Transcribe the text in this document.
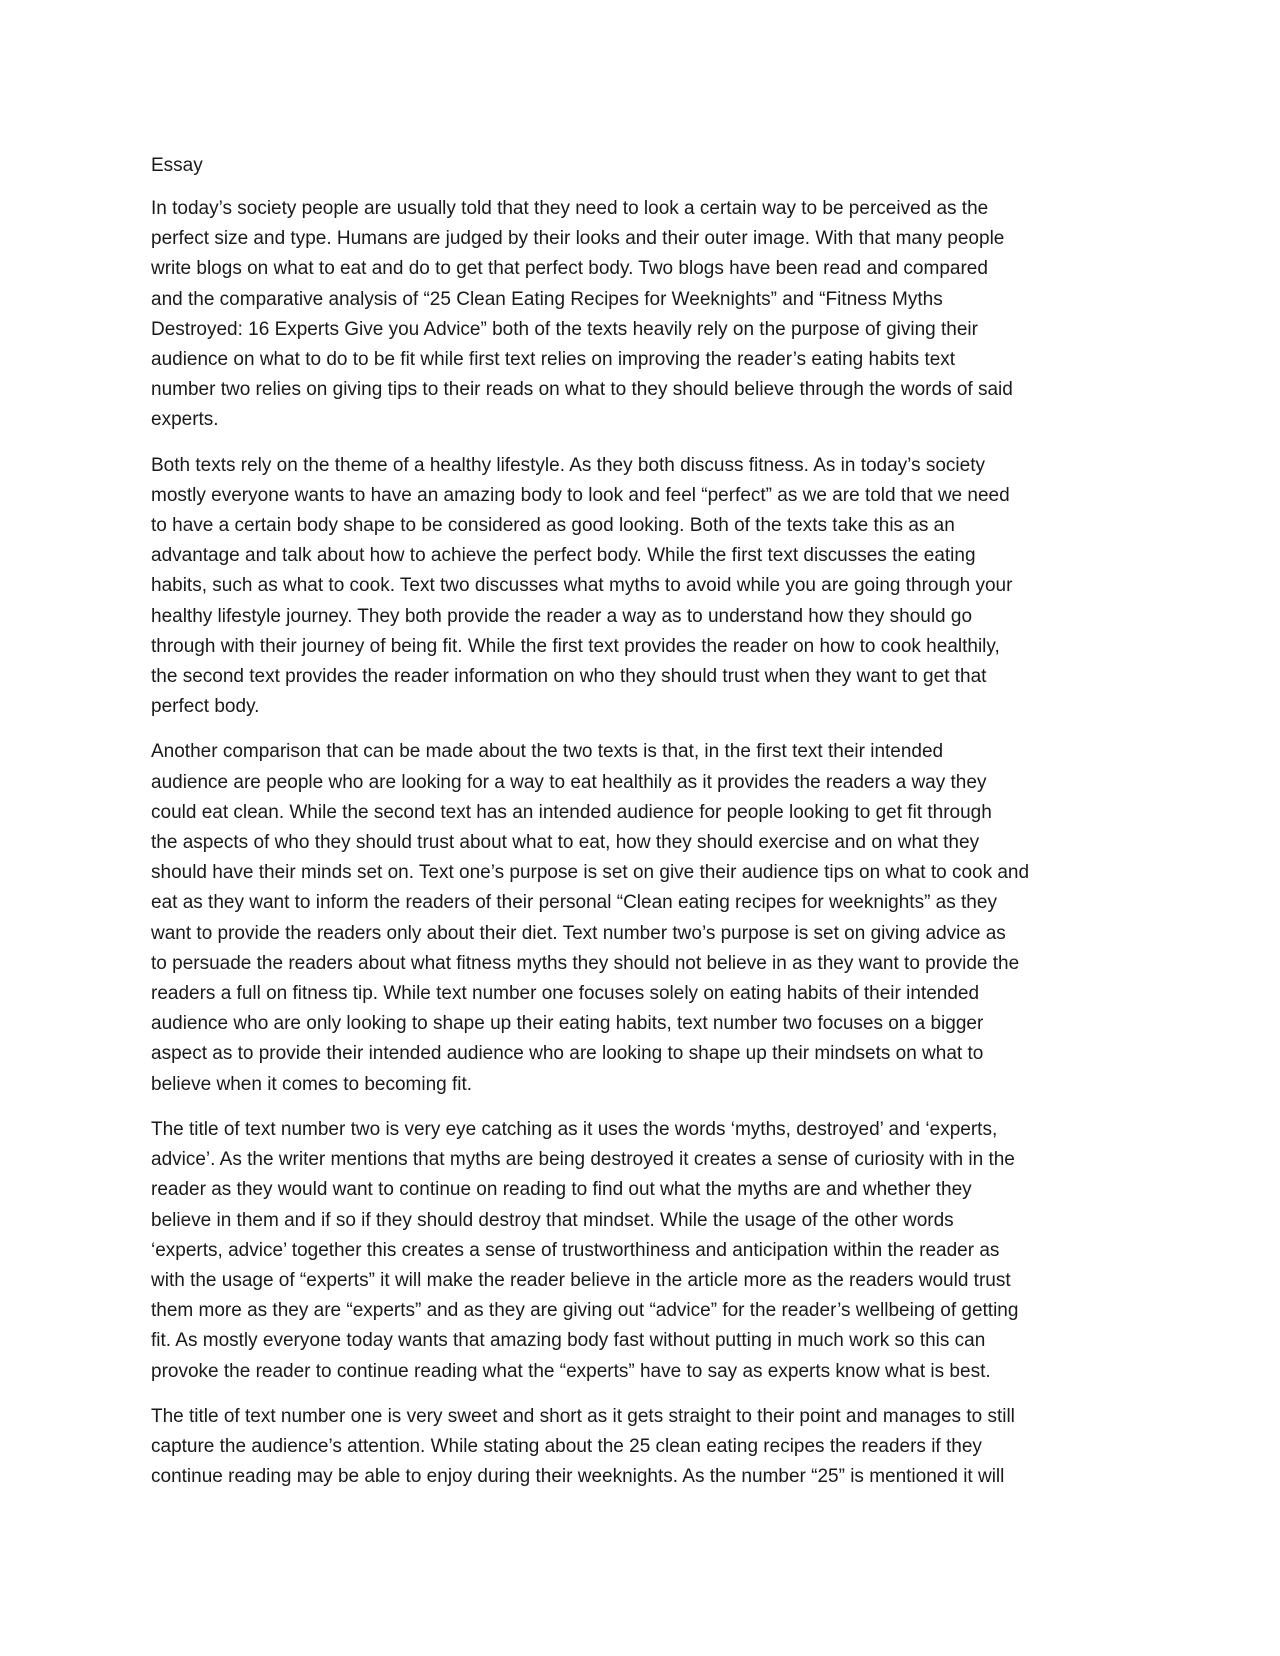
Essay
In today’s society people are usually told that they need to look a certain way to be perceived as the
perfect size and type. Humans are judged by their looks and their outer image. With that many people
write blogs on what to eat and do to get that perfect body. Two blogs have been read and compared
and the comparative analysis of “25 Clean Eating Recipes for Weeknights” and “Fitness Myths
Destroyed: 16 Experts Give you Advice” both of the texts heavily rely on the purpose of giving their
audience on what to do to be fit while first text relies on improving the reader’s eating habits text
number two relies on giving tips to their reads on what to they should believe through the words of said
experts.
Both texts rely on the theme of a healthy lifestyle. As they both discuss fitness. As in today’s society
mostly everyone wants to have an amazing body to look and feel “perfect” as we are told that we need
to have a certain body shape to be considered as good looking. Both of the texts take this as an
advantage and talk about how to achieve the perfect body. While the first text discusses the eating
habits, such as what to cook. Text two discusses what myths to avoid while you are going through your
healthy lifestyle journey. They both provide the reader a way as to understand how they should go
through with their journey of being fit. While the first text provides the reader on how to cook healthily,
the second text provides the reader information on who they should trust when they want to get that
perfect body.
Another comparison that can be made about the two texts is that, in the first text their intended
audience are people who are looking for a way to eat healthily as it provides the readers a way they
could eat clean. While the second text has an intended audience for people looking to get fit through
the aspects of who they should trust about what to eat, how they should exercise and on what they
should have their minds set on. Text one’s purpose is set on give their audience tips on what to cook and
eat as they want to inform the readers of their personal “Clean eating recipes for weeknights” as they
want to provide the readers only about their diet. Text number two’s purpose is set on giving advice as
to persuade the readers about what fitness myths they should not believe in as they want to provide the
readers a full on fitness tip. While text number one focuses solely on eating habits of their intended
audience who are only looking to shape up their eating habits, text number two focuses on a bigger
aspect as to provide their intended audience who are looking to shape up their mindsets on what to
believe when it comes to becoming fit.
The title of text number two is very eye catching as it uses the words ‘myths, destroyed’ and ‘experts,
advice’. As the writer mentions that myths are being destroyed it creates a sense of curiosity with in the
reader as they would want to continue on reading to find out what the myths are and whether they
believe in them and if so if they should destroy that mindset. While the usage of the other words
‘experts, advice’ together this creates a sense of trustworthiness and anticipation within the reader as
with the usage of “experts” it will make the reader believe in the article more as the readers would trust
them more as they are “experts” and as they are giving out “advice” for the reader’s wellbeing of getting
fit. As mostly everyone today wants that amazing body fast without putting in much work so this can
provoke the reader to continue reading what the “experts” have to say as experts know what is best.
The title of text number one is very sweet and short as it gets straight to their point and manages to still
capture the audience’s attention. While stating about the 25 clean eating recipes the readers if they
continue reading may be able to enjoy during their weeknights. As the number “25” is mentioned it will
